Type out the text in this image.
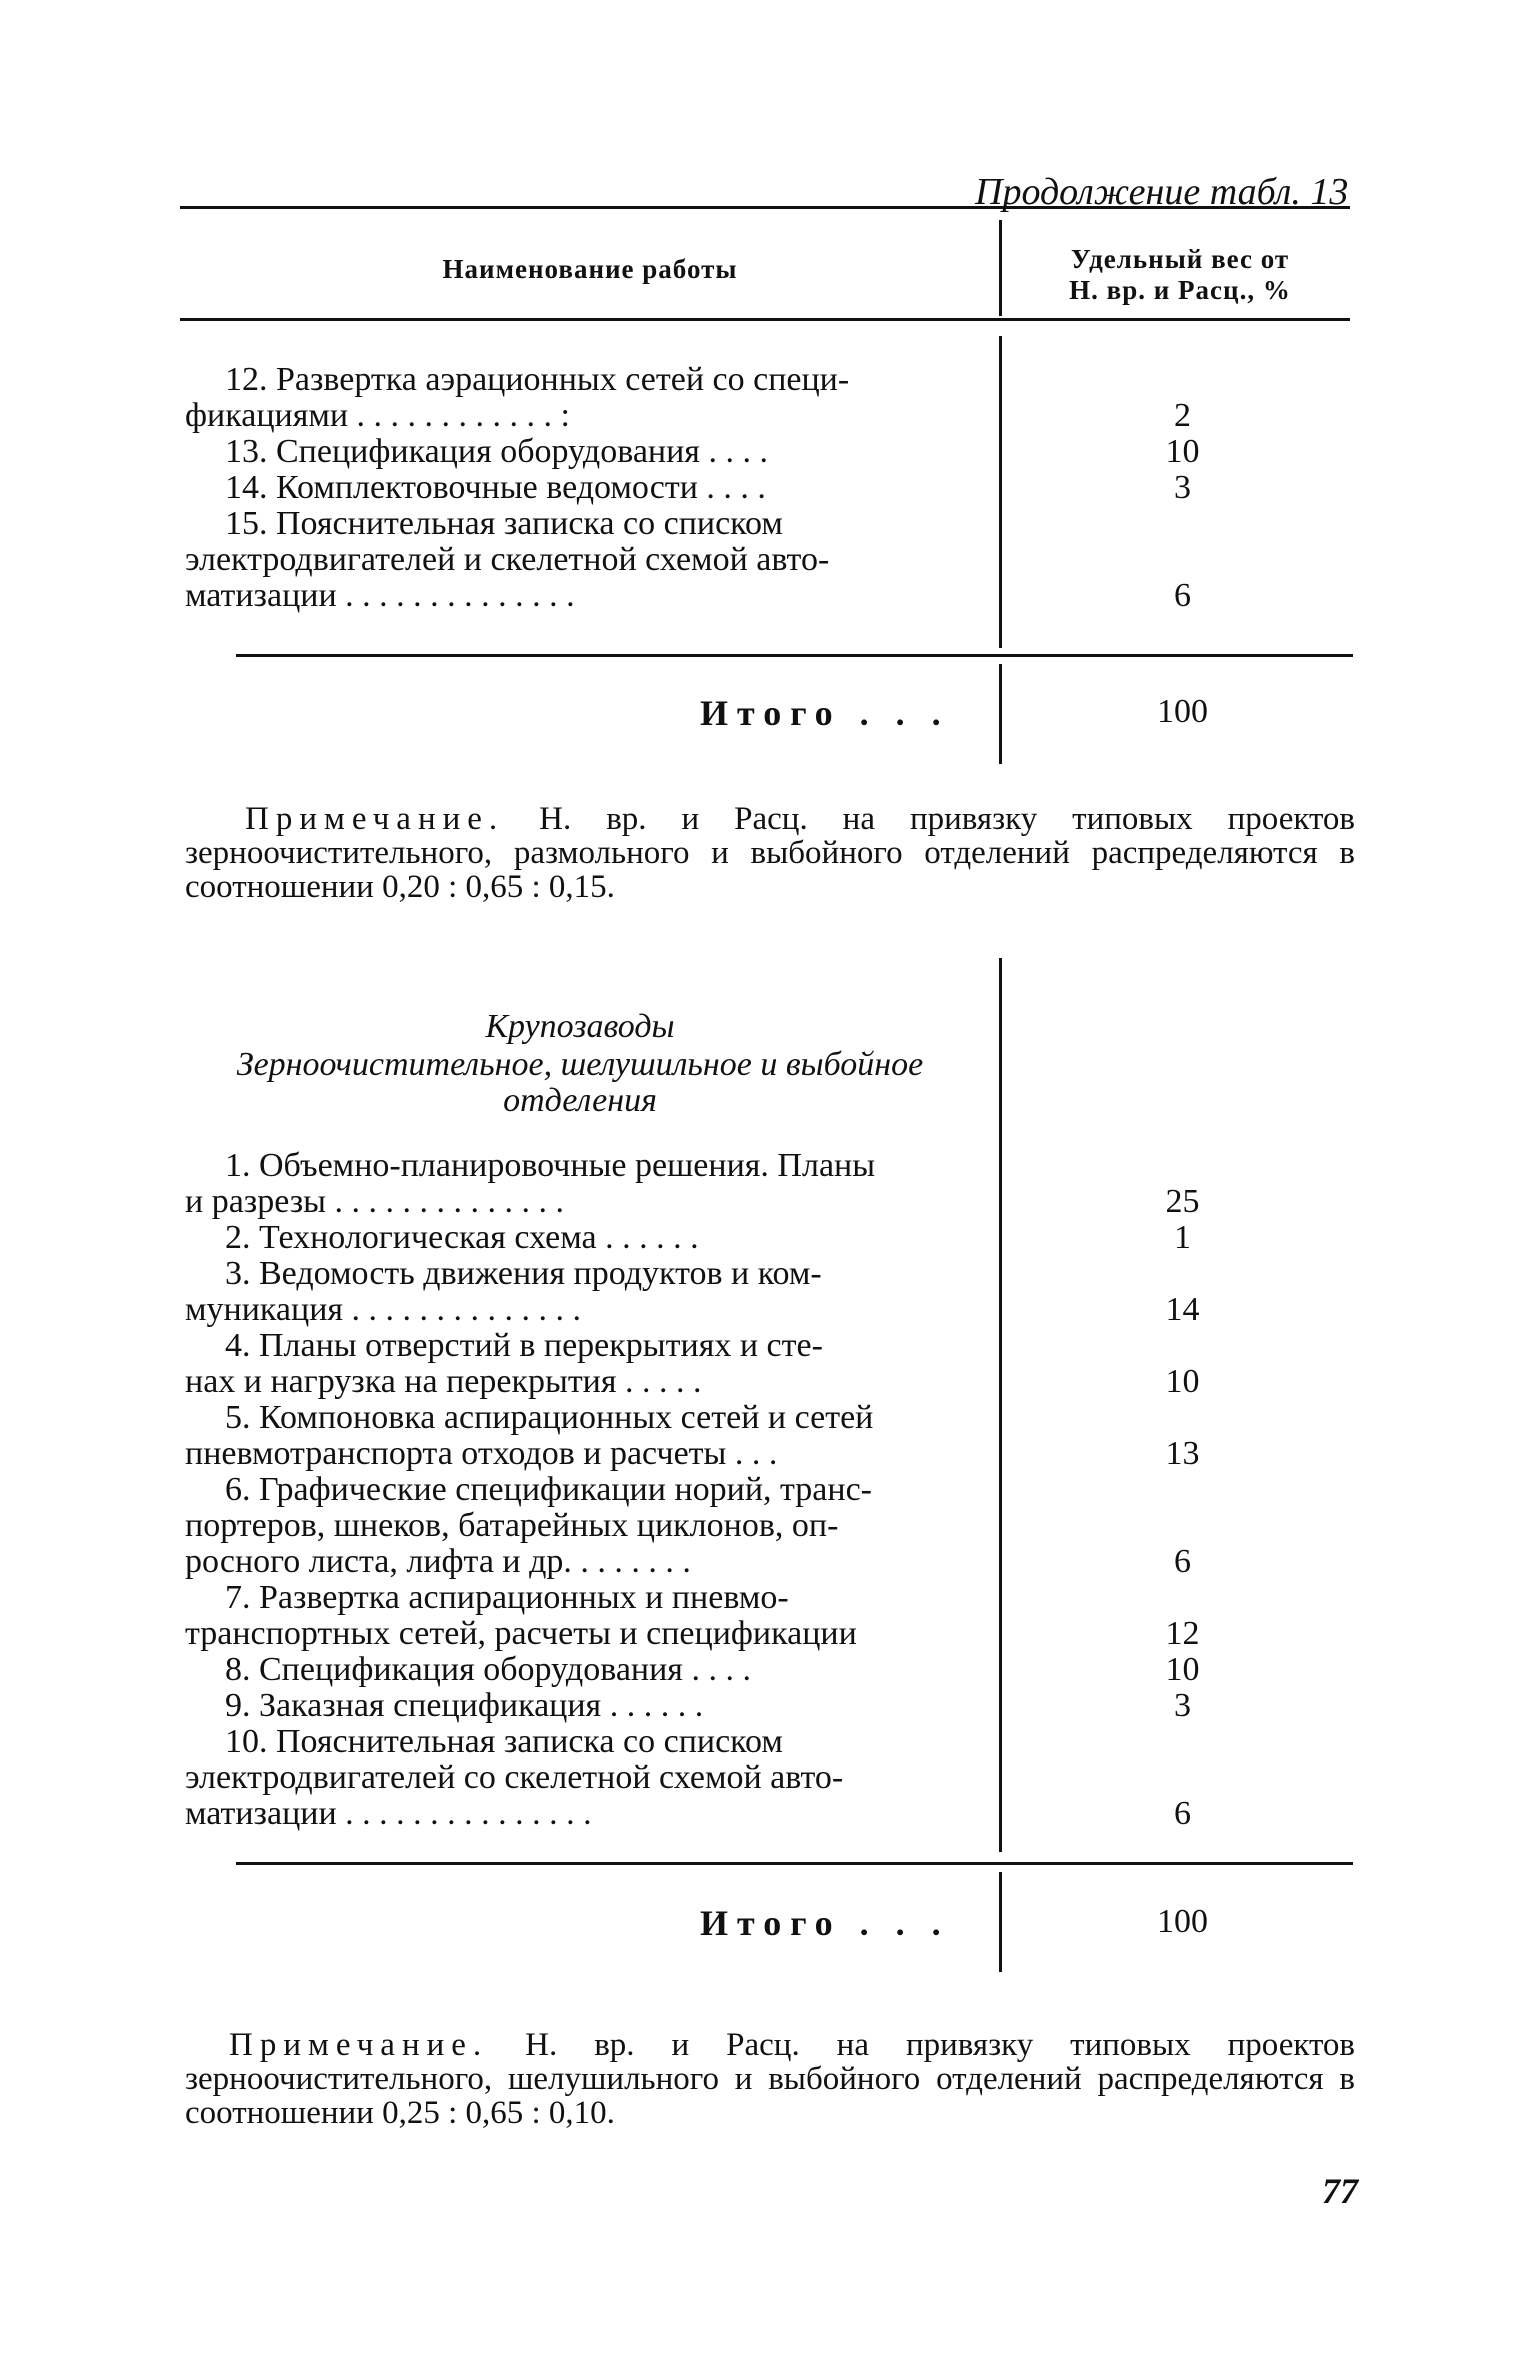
Продолжение табл. 13
Наименование работы	Удельный вес от
Н. вр. и Расц., %
12. Развертка аэрационных сетей со специ-
фикациями . . . . . . . . . . . . :	2
13. Спецификация оборудования . . . .	10
14. Комплектовочные ведомости . . . .	3
15. Пояснительная записка со списком
электродвигателей и скелетной схемой авто-
матизации . . . . . . . . . . . . . .	6
Итого . . .	100
Примечание. Н. вр. и Расц. на привязку типовых проектов зерноочистительного, размольного и выбойного отделений распределяются в соотношении 0,20 : 0,65 : 0,15.
Крупозаводы
Зерноочистительное, шелушильное и выбойное
отделения
1. Объемно-планировочные решения. Планы
и разрезы . . . . . . . . . . . . . .	25
2. Технологическая схема . . . . . .	1
3. Ведомость движения продуктов и ком-
муникация . . . . . . . . . . . . . .	14
4. Планы отверстий в перекрытиях и сте-
нах и нагрузка на перекрытия . . . . .	10
5. Компоновка аспирационных сетей и сетей
пневмотранспорта отходов и расчеты . . .	13
6. Графические спецификации норий, транс-
портеров, шнеков, батарейных циклонов, оп-
росного листа, лифта и др. . . . . . . .	6
7. Развертка аспирационных и пневмо-
транспортных сетей, расчеты и спецификации	12
8. Спецификация оборудования . . . .	10
9. Заказная спецификация . . . . . .	3
10. Пояснительная записка со списком
электродвигателей со скелетной схемой авто-
матизации . . . . . . . . . . . . . . .	6
Итого . . .	100
Примечание. Н. вр. и Расц. на привязку типовых проектов зерноочистительного, шелушильного и выбойного отделений распределяются в соотношении 0,25 : 0,65 : 0,10.
77
